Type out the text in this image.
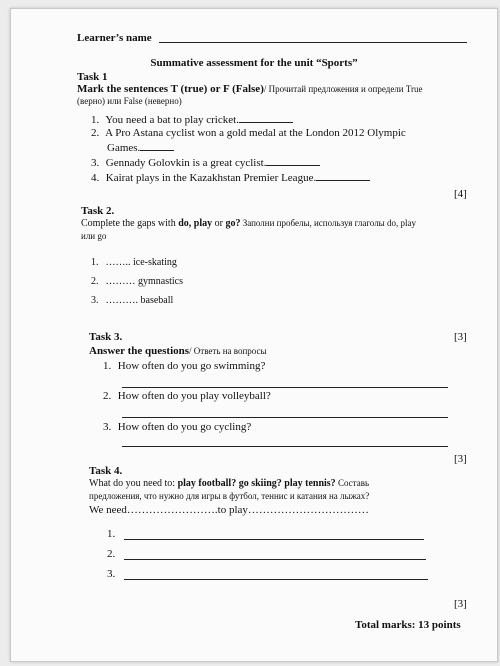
Learner’s name
Summative assessment for the unit “Sports”
Task 1
Mark the sentences T (true) or F (False)/ Прочитай предложения и определи True
(верно) или False (неверно)
1. You need a bat to play cricket.
2. A Pro Astana cyclist won a gold medal at the London 2012 Olympic
Games.
3. Gennady Golovkin is a great cyclist.
4. Kairat plays in the Kazakhstan Premier League.
[4]
Task 2.
Complete the gaps with do, play or go? Заполни пробелы, используя глаголы do, play
или go
1. …….. ice-skating
2. ……… gymnastics
3. ………. baseball
Task 3.	[3]
Answer the questions/ Ответь на вопросы
1. How often do you go swimming?
2. How often do you play volleyball?
3. How often do you go cycling?
[3]
Task 4.
What do you need to: play football? go skiing? play tennis? Составь
предложения, что нужно для игры в футбол, теннис и катания на лыжах?
We need…………………….to play……………………………
1.
2.
3.
[3]
Total marks: 13 points
